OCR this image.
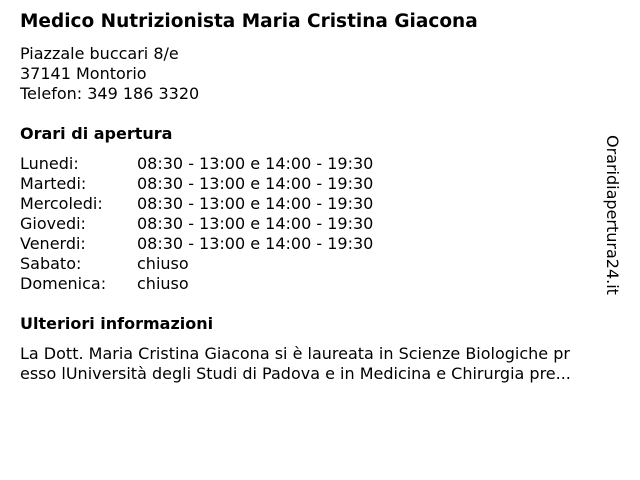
Medico Nutrizionista Maria Cristina Giacona
Piazzale buccari 8/e
37141 Montorio
Telefon: 349 186 3320
Orari di apertura
Lunedi:	08:30 - 13:00 e 14:00 - 19:30
Martedi:	08:30 - 13:00 e 14:00 - 19:30
Mercoledi: 08:30 - 13:00 e 14:00 - 19:30
Giovedi:	08:30 - 13:00 e 14:00 - 19:30
Venerdi:	08:30 - 13:00 e 14:00 - 19:30
Sabato:	chiuso
Domenica: chiuso
Ulteriori informazioni
La Dott. Maria Cristina Giacona si è laureata in Scienze Biologiche pr
esso lUniversità degli Studi di Padova e in Medicina e Chirurgia pre...
Oraridiapertura24.it
